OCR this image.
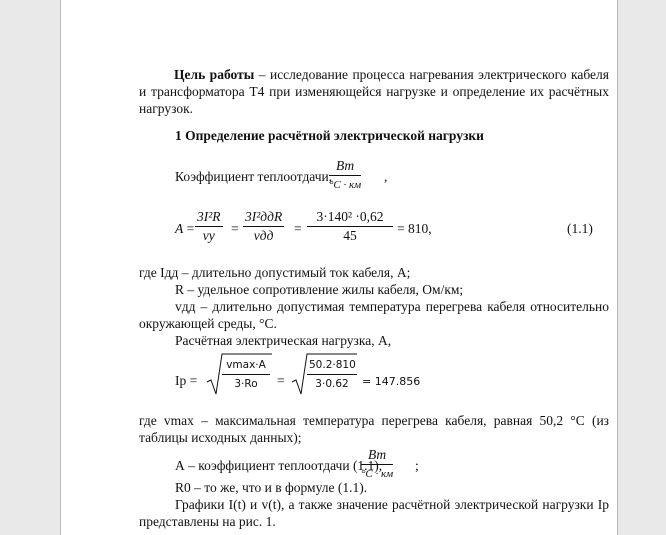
Цель работы – исследование процесса нагревания электрического кабеля и трансформатора Т4 при изменяющейся нагрузке и определение их расчётных нагрузок.
1 Определение расчётной электрической нагрузки
Коэффициент теплоотдачи,
Вт
°С · км
,
A =
3I²R
vу	=
3I²ддR
vдд	= $\frac{\text{3·140² ·0,62}}{45} = 810$,	(1.1)
где Iдд – длительно допустимый ток кабеля, А;
R – удельное сопротивление жилы кабеля, Ом/км;
vдд – длительно допустимая температура перегрева кабеля относительно окружающей среды, °С.
Расчётная электрическая нагрузка, А,
Iр =
vmax·A
3·Ro	= $\frac{50.2\cdot 810}{3\cdot 0.62} = 147.856$
где vmax – максимальная температура перегрева кабеля, равная 50,2 °С (из таблицы исходных данных);
А – коэффициент теплоотдачи (1.1),
Вт
°С · км
;
R0 – то же, что и в формуле (1.1).
Графики I(t) и v(t), а также значение расчётной электрической нагрузки Iр представлены на рис. 1.
